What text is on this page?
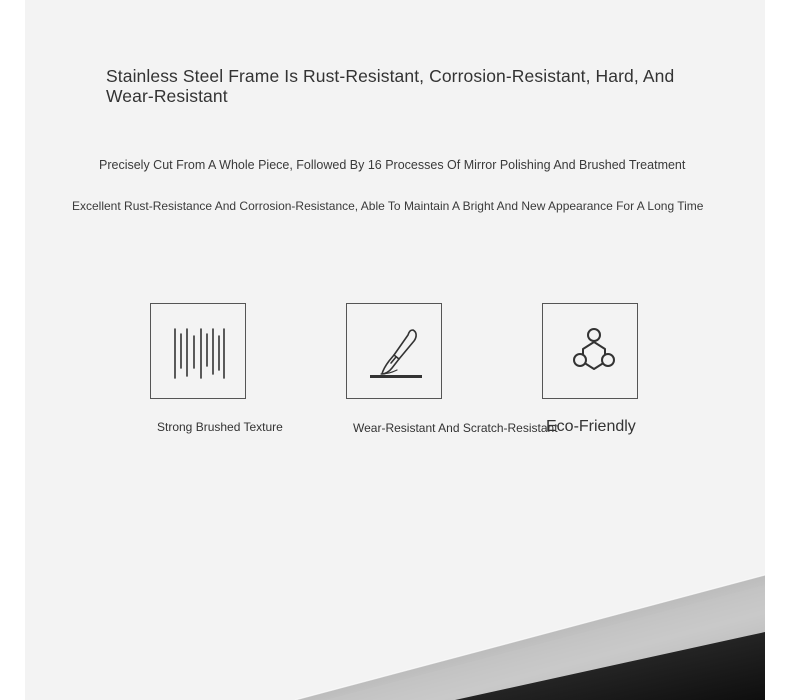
Stainless Steel Frame Is Rust-Resistant, Corrosion-Resistant, Hard, And Wear-Resistant

Precisely Cut From A Whole Piece, Followed By 16 Processes Of Mirror Polishing And Brushed Treatment

Excellent Rust-Resistance And Corrosion-Resistance, Able To Maintain A Bright And New Appearance For A Long Time

Strong Brushed Texture	Wear-Resistant And Scratch-Resistant
Eco-Friendly
